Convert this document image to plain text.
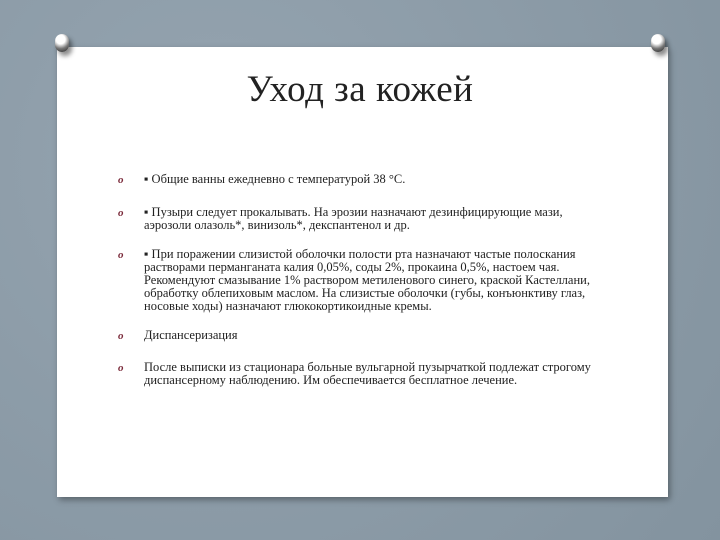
Уход за кожей
o ▪ Общие ванны ежедневно с температурой 38 °С.
o ▪ Пузыри следует прокалывать. На эрозии назначают дезинфицирующие мази, аэрозоли олазоль*, винизоль*, декспантенол и др.
o ▪ При поражении слизистой оболочки полости рта назначают частые полоскания растворами перманганата калия 0,05%, соды 2%, прокаина 0,5%, настоем чая. Рекомендуют смазывание 1% раствором метиленового синего, краской Кастеллани, обработку облепиховым маслом. На слизистые оболочки (губы, конъюнктиву глаз, носовые ходы) назначают глюкокортикоидные кремы.
o Диспансеризация
o После выписки из стационара больные вульгарной пузырчаткой подлежат строгому диспансерному наблюдению. Им обеспечивается бесплатное лечение.
